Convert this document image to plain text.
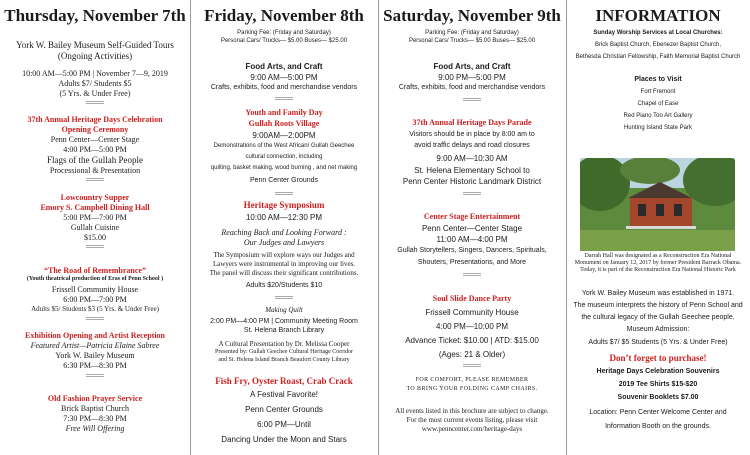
Thursday, November 7th
York W. Bailey Museum Self-Guided Tours
(Ongoing Activities)
10:00 AM—5:00 PM | November 7—9, 2019
Adults $7/ Students $5
(5 Yrs. & Under Free)
37th Annual Heritage Days Celebration
Opening Ceremony
Penn Center—Center Stage
4:00 PM—5:00 PM
Flags of the Gullah People
Processional & Presentation
Lowcountry Supper
Emory S. Campbell Dining Hall
5:00 PM—7:00 PM
Gullah Cuisine
$15.00
“The Road of Remembrance”
(Youth theatrical production of Eras of Penn School )
Frissell Community House
6:00 PM—7:00 PM
Adults $5/ Students $3 (5 Yrs. & Under Free)
Exhibition Opening and Artist Reception
Featured Artist—Patricia Elaine Sabree
York W. Bailey Museum
6:30 PM—8:30 PM
Old Fashion Prayer Service
Brick Baptist Church
7:30 PM—8:30 PM
Free Will Offering
Friday, November 8th
Parking Fee: (Friday and Saturday)
Personal Cars/ Trucks— $5.00 Buses— $25.00
Food Arts, and Craft
9:00 AM—5:00 PM
Crafts, exhibits, food and merchandise vendors
Youth and Family Day
Gullah Roots Village
9:00AM—2:00PM
Demonstrations of the West African/ Gullah Geechee
cultural connection, including
quilting, basket making, wood burning , and net making
Penn Center Grounds
Heritage Symposium
10:00 AM—12:30 PM
Reaching Back and Looking Forward :
Our Judges and Lawyers
The Symposium will explore ways our Judges and
Lawyers were instrumental in improving our lives.
The panel will discuss their significant contributions.
Adults $20/Students $10
Making Quilt
2:00 PM—4:00 PM | Community Meeting Room
St. Helena Branch Library
A Cultural Presentation by Dr. Melissa Cooper
Presented by: Gullah Geechee Cultural Heritage Corridor
and St. Helena Island Branch Beaufort County Library
Fish Fry, Oyster Roast, Crab Crack
A Festival Favorite!
Penn Center Grounds
6:00 PM—Until
Dancing Under the Moon and Stars
Saturday, November 9th
Parking Fee: (Friday and Saturday)
Personal Cars/ Trucks— $5.00 Buses— $25.00
Food Arts, and Craft
9:00 PM—5:00 PM
Crafts, exhibits, food and merchandise vendors
37th Annual Heritage Days Parade
Visitors should be in place by 8:00 am to
avoid traffic delays and road closures
9:00 AM—10:30 AM
St. Helena Elementary School to
Penn Center Historic Landmark District
Center Stage Entertainment
Penn Center—Center Stage
11:00 AM—4:00 PM
Gullah Storytellers, Singers, Dancers, Spirituals,
Shouters, Presentations, and More
Soul Slide Dance Party
Frissell Community House
4:00 PM—10:00 PM
Advance Ticket: $10.00 | ATD: $15.00
(Ages: 21 & Older)
FOR COMFORT, PLEASE REMEMBER
TO BRING YOUR FOLDING CAMP CHAIRS.
All events listed in this brochure are subject to change.
For the most current events listing, please visit
www.penncenter.com/heritage-days
INFORMATION
Sunday Worship Services at Local Churches:
Brick Baptist Church, Ebenezer Baptist Church,
Bethesda Christian Fellowship, Faith Memorial Baptist Church
Places to Visit
Fort Fremont
Chapel of Ease
Red Piano Too Art Gallery
Hunting Island State Park
Darrah Hall was designated as a Reconstruction Era National
Monument on January 12, 2017 by former President Barrack Obama.
Today, it is part of the Reconstruction Era National Historic Park
York W. Bailey Museum was established in 1971.
The museum interprets the history of Penn School and
the cultural legacy of the Gullah Geechee people.
Museum Admission:
Adults $7/ $5 Students (5 Yrs. & Under Free)
Don’t forget to purchase!
Heritage Days Celebration Souvenirs
2019 Tee Shirts $15-$20
Souvenir Booklets $7.00
Location: Penn Center Welcome Center and
Information Booth on the grounds.
